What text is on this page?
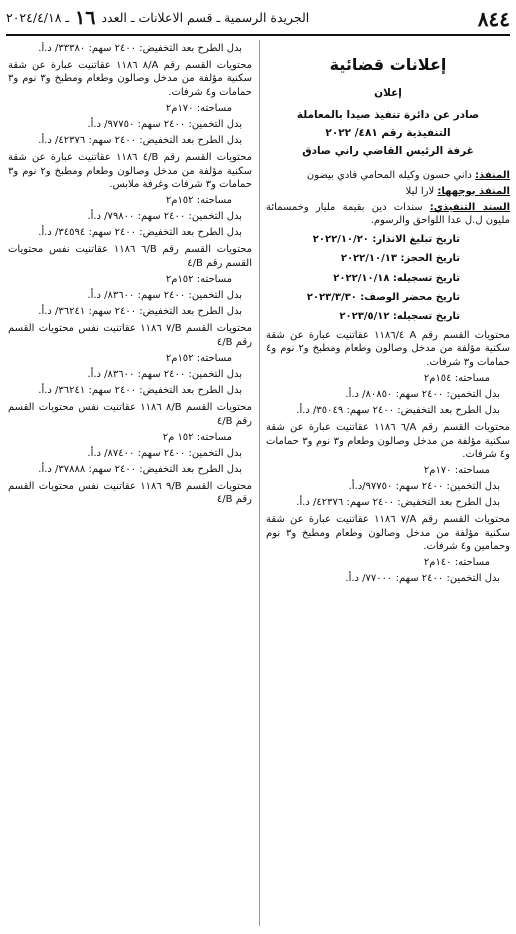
٨٤٤
الجريدة الرسمية ـ قسم الاعلانات ـ العدد ١٦ ـ ٢٠٢٤/٤/١٨
إعلانات قضائية
إعلان
صادر عن دائرة تنفيذ صيدا بالمعاملة
التنفيذية رقم ٤٨١/ ٢٠٢٢
غرفة الرئيس القاضي راني صادق

المنفذ: داني حسون وكيله المحامي فادي بيضون

المنفذ بوجهها: لارا ليلا

السند التنفيذي: سندات دين بقيمة مليار وخمسمائة مليون ل.ل عدا اللواحق والرسوم.

تاريخ تبليغ الانذار: ٢٠٢٢/١٠/٢٠
تاريخ الحجز: ٢٠٢٢/١٠/١٣
تاريخ تسجيله: ٢٠٢٢/١٠/١٨
تاريخ محضر الوصف: ٢٠٢٣/٣/٣٠
تاريخ تسجيله: ٢٠٢٣/٥/١٢

محتويات القسم رقم A ١١٨٦/٤ عقاتنيت عبارة عن شقة سكنية مؤلفة من مدخل وصالون وطعام ومطبخ و٢ نوم و٤ حمامات و٣ شرفات.

مساحته: ١٥٤م٢

بدل التخمين: ٢٤٠٠ سهم: ٨٠٨٥٠/ د.أ.

بدل الطرح بعد التخفيض: ٢٤٠٠ سهم: ٣٥٠٤٩/ د.أ.

محتويات القسم رقم A/٦ ١١٨٦ عقاتنيت عبارة عن شقة سكنية مؤلفة من مدخل وصالون وطعام و٣ نوم و٣ حمامات و٤ شرفات.

مساحته: ١٧٠م٢

بدل التخمين: ٢٤٠٠ سهم: ٩٧٧٥٠/د.أ.

بدل الطرح بعد التخفيض: ٢٤٠٠ سهم: ٤٢٣٧٦/ د.أ.

محتويات القسم رقم A/٧ ١١٨٦ عقاتنيت عبارة عن شقة سكنية مؤلفة من مدخل وصالون وطعام ومطبخ و٣ نوم وحمامين و٤ شرفات.

مساحته: ١٤٠م٢

بدل التخمين: ٢٤٠٠ سهم: ٧٧٠٠٠/ د.أ.

بدل الطرح بعد التخفيض: ٢٤٠٠ سهم: ٣٣٣٨٠/ د.أ.

محتويات القسم رقم A/٨ ١١٨٦ عقاتنيت عبارة عن شقة سكنية مؤلفة من مدخل وصالون وطعام ومطبخ و٣ نوم و٣ حمامات و٤ شرفات.

مساحته: ١٧٠م٢

بدل التخمين: ٢٤٠٠ سهم: ٩٧٧٥٠/ د.أ.

بدل الطرح بعد التخفيض: ٢٤٠٠ سهم: ٤٢٣٧٦/ د.أ.

محتويات القسم رقم B/٤ ١١٨٦ عقاتنيت عبارة عن شقة سكنية مؤلفة من مدخل وصالون وطعام ومطبخ و٢ نوم و٣ حمامات و٣ شرفات وغرفة ملابس.

مساحته: ١٥٢م٢

بدل التخمين: ٢٤٠٠ سهم: ٧٩٨٠٠/ د.أ.

بدل الطرح بعد التخفيض: ٢٤٠٠ سهم: ٣٤٥٩٤/ د.أ.

محتويات القسم رقم B/٦ ١١٨٦ عقاتنيت نفس محتويات القسم رقم B/٤

مساحته: ١٥٢م٢

بدل التخمين: ٢٤٠٠ سهم: ٨٣٦٠٠/ د.أ.

بدل الطرح بعد التخفيض: ٢٤٠٠ سهم: ٣٦٢٤١/ د.أ.

محتويات القسم B/٧ ١١٨٦ عقاتنيت نفس محتويات القسم رقم B/٤

مساحته: ١٥٢م٢

بدل التخمين: ٢٤٠٠ سهم: ٨٣٦٠٠/ د.أ.

بدل الطرح بعد التخفيض: ٢٤٠٠ سهم: ٣٦٢٤١/ د.أ.

محتويات القسم B/٨ ١١٨٦ عقاتنيت نفس محتويات القسم رقم B/٤

مساحته: ١٥٢ م٢

بدل التخمين: ٢٤٠٠ سهم: ٨٧٤٠٠/ د.أ.

بدل الطرح بعد التخفيض: ٢٤٠٠ سهم: ٣٧٨٨٨/ د.أ.

محتويات القسم B/٩ ١١٨٦ عقاتنيت نفس محتويات القسم رقم B/٤
